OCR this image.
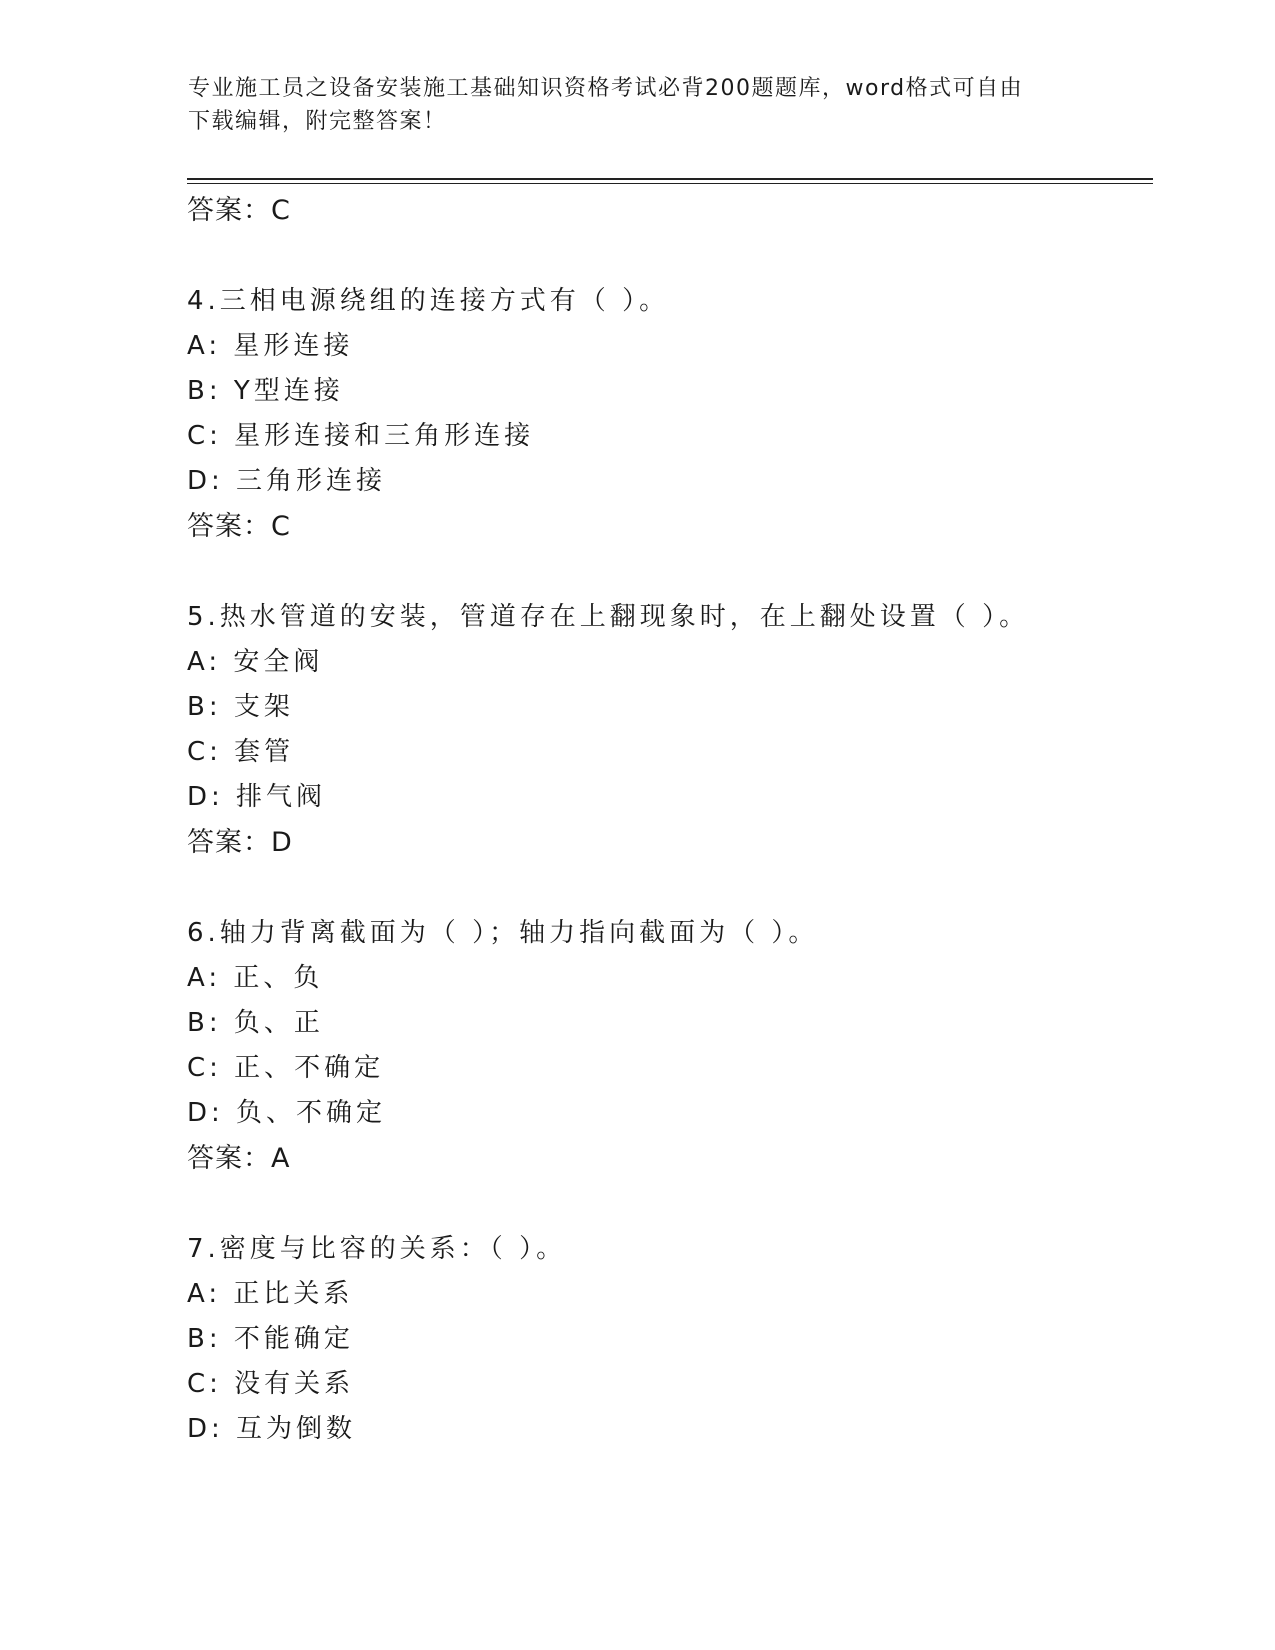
专业施工员之设备安装施工基础知识资格考试必背200题题库，word格式可自由
下载编辑，附完整答案！
答案：C
4.三相电源绕组的连接方式有（ ）。
A: 星形连接
B: Y型连接
C: 星形连接和三角形连接
D: 三角形连接
答案：C
5.热水管道的安装，管道存在上翻现象时，在上翻处设置（ ）。
A: 安全阀
B: 支架
C: 套管
D: 排气阀
答案：D
6.轴力背离截面为（ ）；轴力指向截面为（ ）。
A: 正、负
B: 负、正
C: 正、不确定
D: 负、不确定
答案：A
7.密度与比容的关系：（ ）。
A: 正比关系
B: 不能确定
C: 没有关系
D: 互为倒数
